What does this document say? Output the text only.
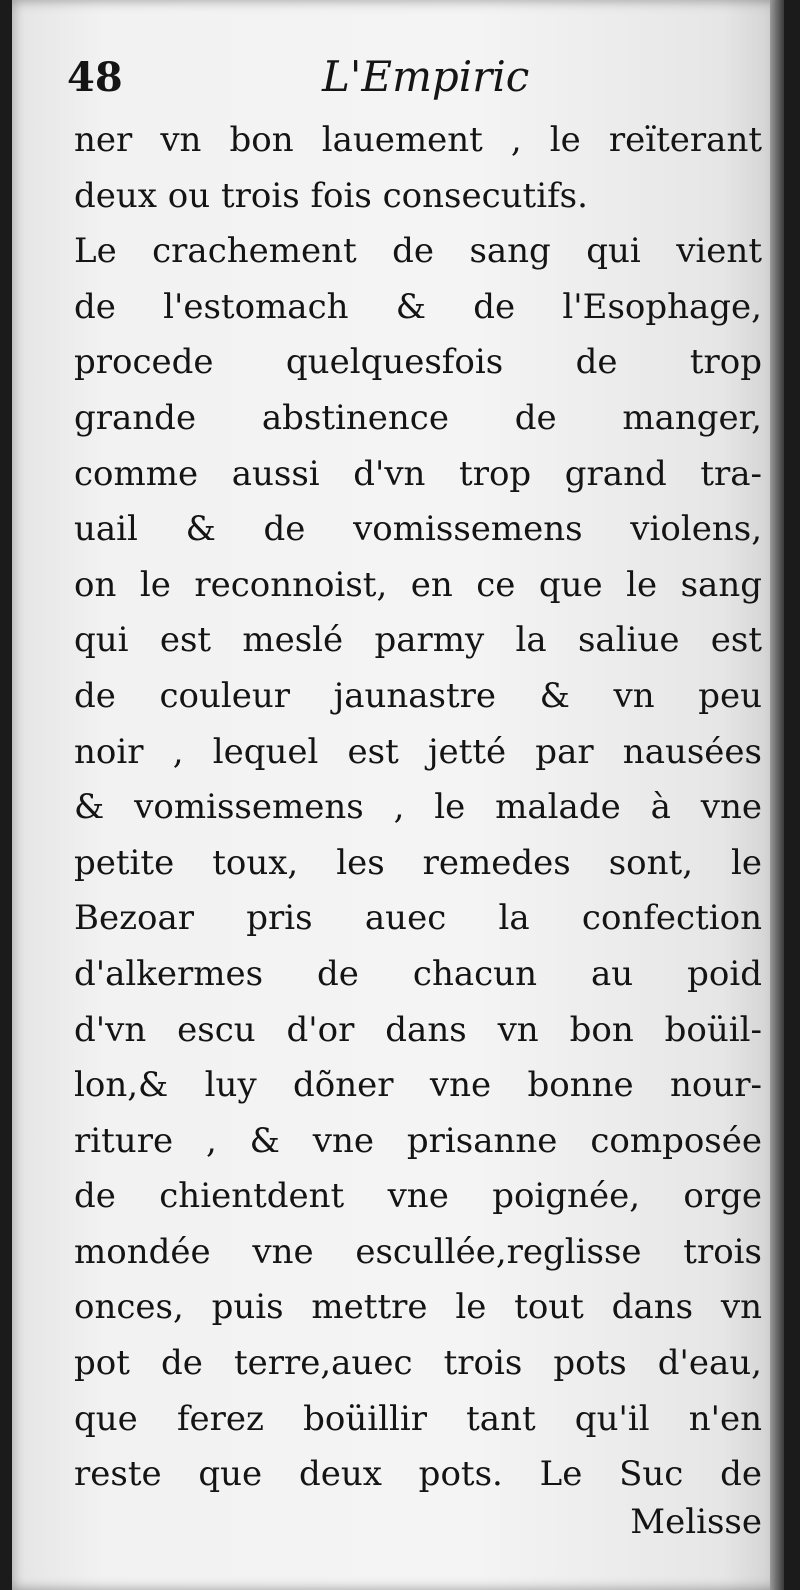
48	L'Empiric
ner vn bon lauement , le reïterant
deux ou trois fois consecutifs.
Le crachement de sang qui vient
de l'estomach & de l'Esophage,
procede quelquesfois de trop
grande abstinence de manger,
comme aussi d'vn trop grand tra-
uail & de vomissemens violens,
on le reconnoist, en ce que le sang
qui est meslé parmy la saliue est
de couleur jaunastre & vn peu
noir , lequel est jetté par nausées
& vomissemens , le malade à vne
petite toux, les remedes sont, le
Bezoar pris auec la confection
d'alkermes de chacun au poid
d'vn escu d'or dans vn bon boüil-
lon,& luy dõner vne bonne nour-
riture , & vne prisanne composée
de chientdent vne poignée, orge
mondée vne escullée,reglisse trois
onces, puis mettre le tout dans vn
pot de terre,auec trois pots d'eau,
que ferez boüillir tant qu'il n'en
reste que deux pots. Le Suc de
Melisse
